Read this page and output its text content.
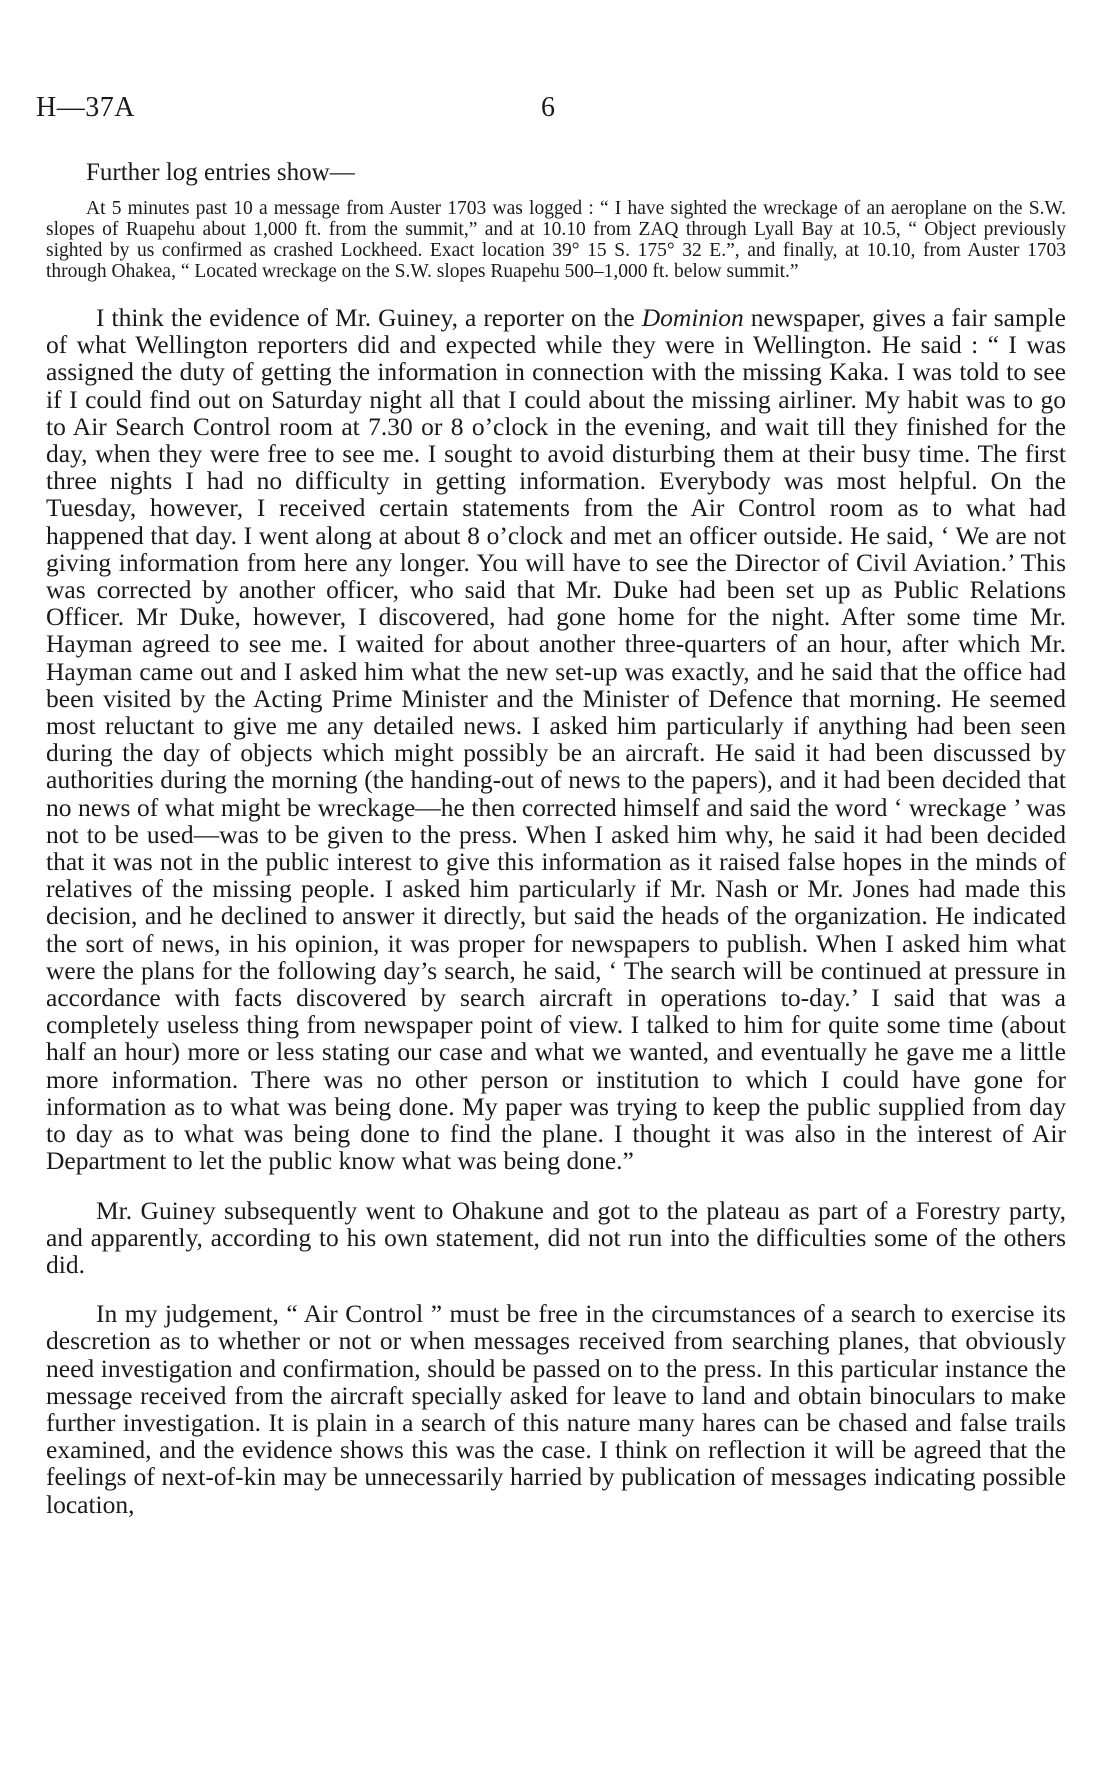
H—37A	6

Further log entries show—

At 5 minutes past 10 a message from Auster 1703 was logged : “ I have sighted the wreckage of an aeroplane on the S.W. slopes of Ruapehu about 1,000 ft. from the summit,” and at 10.10 from ZAQ through Lyall Bay at 10.5, “ Object previously sighted by us confirmed as crashed Lockheed. Exact location 39° 15 S. 175° 32 E.”, and finally, at 10.10, from Auster 1703 through Ohakea, “ Located wreckage on the S.W. slopes Ruapehu 500–1,000 ft. below summit.”

I think the evidence of Mr. Guiney, a reporter on the Dominion newspaper, gives a fair sample of what Wellington reporters did and expected while they were in Wellington. He said : “ I was assigned the duty of getting the information in connection with the missing Kaka. I was told to see if I could find out on Saturday night all that I could about the missing airliner. My habit was to go to Air Search Control room at 7.30 or 8 o’clock in the evening, and wait till they finished for the day, when they were free to see me. I sought to avoid disturbing them at their busy time. The first three nights I had no difficulty in getting information. Everybody was most helpful. On the Tuesday, however, I received certain statements from the Air Control room as to what had happened that day. I went along at about 8 o’clock and met an officer outside. He said, ‘ We are not giving information from here any longer. You will have to see the Director of Civil Aviation.’ This was corrected by another officer, who said that Mr. Duke had been set up as Public Relations Officer. Mr Duke, however, I discovered, had gone home for the night. After some time Mr. Hayman agreed to see me. I waited for about another three-quarters of an hour, after which Mr. Hayman came out and I asked him what the new set-up was exactly, and he said that the office had been visited by the Acting Prime Minister and the Minister of Defence that morning. He seemed most reluctant to give me any detailed news. I asked him particularly if anything had been seen during the day of objects which might possibly be an aircraft. He said it had been discussed by authorities during the morning (the handing-out of news to the papers), and it had been decided that no news of what might be wreckage—he then corrected himself and said the word ‘ wreckage ’ was not to be used—was to be given to the press. When I asked him why, he said it had been decided that it was not in the public interest to give this information as it raised false hopes in the minds of relatives of the missing people. I asked him particularly if Mr. Nash or Mr. Jones had made this decision, and he declined to answer it directly, but said the heads of the organization. He indicated the sort of news, in his opinion, it was proper for newspapers to publish. When I asked him what were the plans for the following day’s search, he said, ‘ The search will be continued at pressure in accordance with facts discovered by search aircraft in operations to-day.’ I said that was a completely useless thing from newspaper point of view. I talked to him for quite some time (about half an hour) more or less stating our case and what we wanted, and eventually he gave me a little more information. There was no other person or institution to which I could have gone for information as to what was being done. My paper was trying to keep the public supplied from day to day as to what was being done to find the plane. I thought it was also in the interest of Air Department to let the public know what was being done.”

Mr. Guiney subsequently went to Ohakune and got to the plateau as part of a Forestry party, and apparently, according to his own statement, did not run into the difficulties some of the others did.

In my judgement, “ Air Control ” must be free in the circumstances of a search to exercise its descretion as to whether or not or when messages received from searching planes, that obviously need investigation and confirmation, should be passed on to the press. In this particular instance the message received from the aircraft specially asked for leave to land and obtain binoculars to make further investigation. It is plain in a search of this nature many hares can be chased and false trails examined, and the evidence shows this was the case. I think on reflection it will be agreed that the feelings of next-of-kin may be unnecessarily harried by publication of messages indicating possible location,
